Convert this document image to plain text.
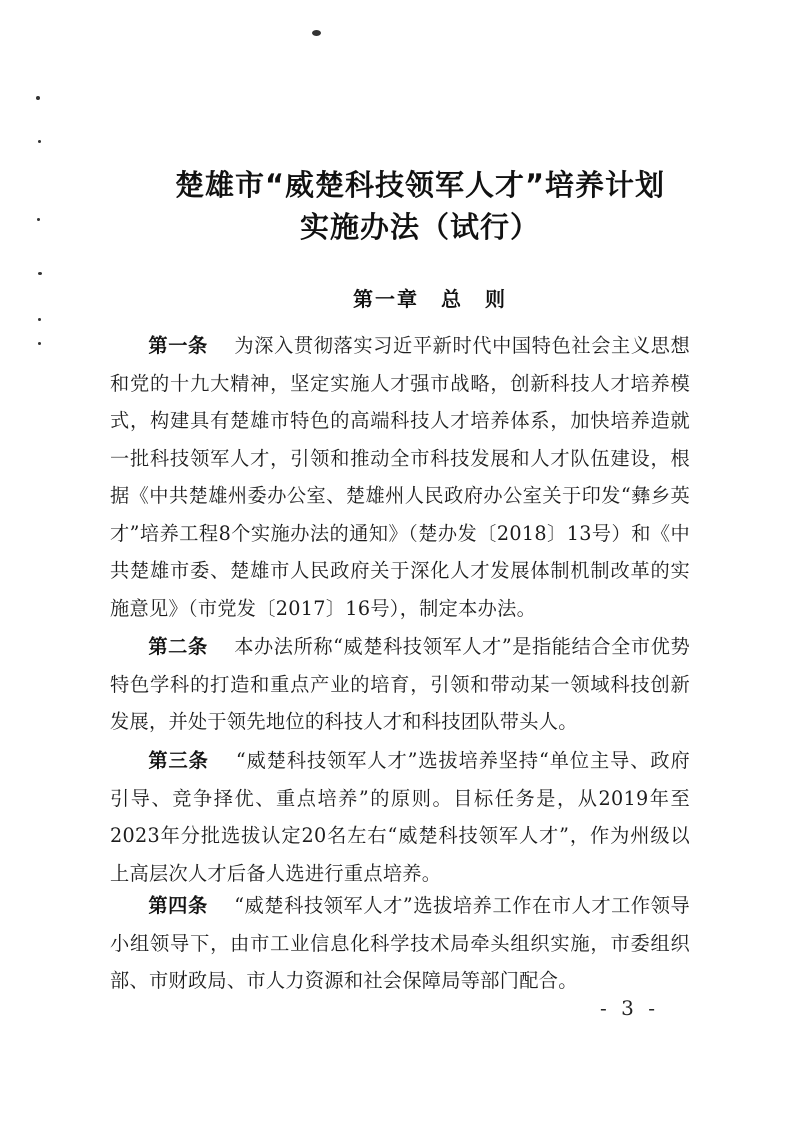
楚雄市“威楚科技领军人才”培养计划
实施办法（试行）
第一章　总　则

第一条　 为深入贯彻落实习近平新时代中国特色社会主义思想和党的十九大精神，坚定实施人才强市战略，创新科技人才培养模式，构建具有楚雄市特色的高端科技人才培养体系，加快培养造就一批科技领军人才，引领和推动全市科技发展和人才队伍建设，根据《中共楚雄州委办公室、楚雄州人民政府办公室关于印发“彝乡英才”培养工程8个实施办法的通知》（楚办发〔2018〕13号）和《中共楚雄市委、楚雄市人民政府关于深化人才发展体制机制改革的实施意见》（市党发〔2017〕16号），制定本办法。

第二条　 本办法所称“威楚科技领军人才”是指能结合全市优势特色学科的打造和重点产业的培育，引领和带动某一领域科技创新发展，并处于领先地位的科技人才和科技团队带头人。

第三条　 “威楚科技领军人才”选拔培养坚持“单位主导、政府引导、竞争择优、重点培养”的原则。目标任务是，从2019年至2023年分批选拔认定20名左右“威楚科技领军人才”，作为州级以上高层次人才后备人选进行重点培养。

第四条　 “威楚科技领军人才”选拔培养工作在市人才工作领导小组领导下，由市工业信息化科学技术局牵头组织实施，市委组织部、市财政局、市人力资源和社会保障局等部门配合。

- 3 -
